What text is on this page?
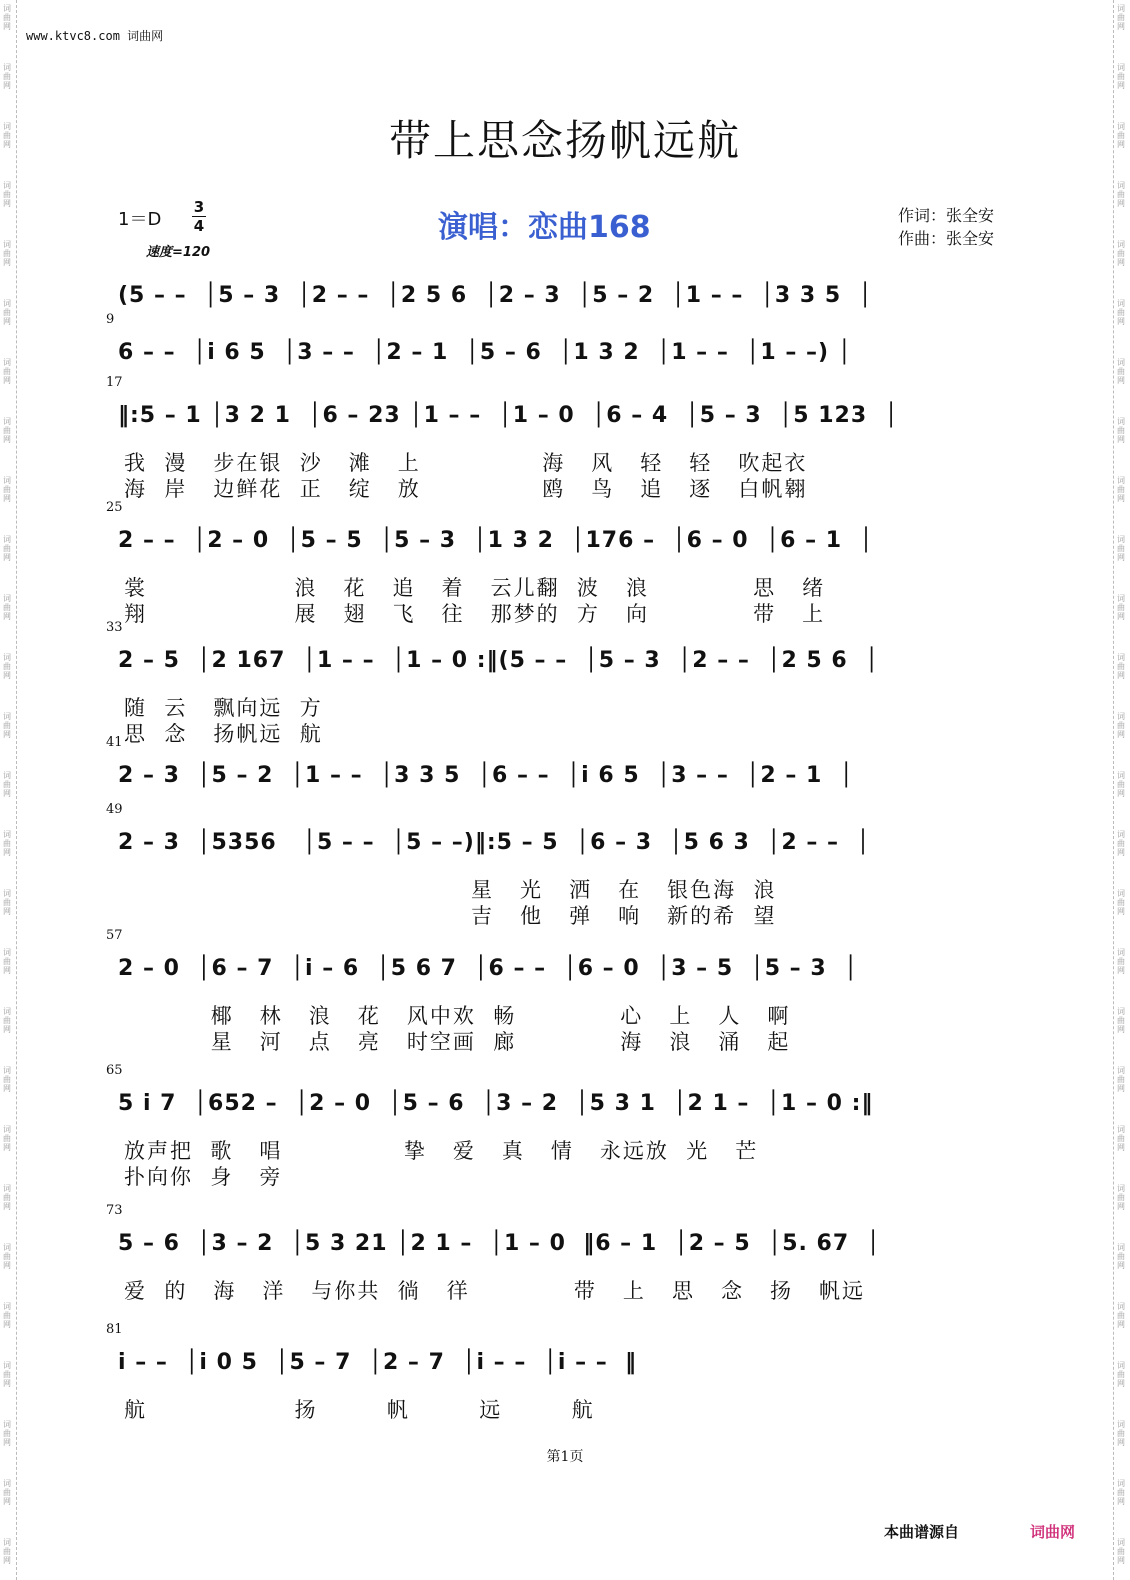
词
曲
网
词
曲
网
词
曲
网
词
曲
网
词
曲
网
词
曲
网
词
曲
网
词
曲
网
词
曲
网
词
曲
网
词
曲
网
词
曲
网
词
曲
网
词
曲
网
词
曲
网
词
曲
网
词
曲
网
词
曲
网
词
曲
网
词
曲
网
词
曲
网
词
曲
网
词
曲
网
词
曲
网
词
曲
网
词
曲
网
词
曲
网
词
曲
网
词
曲
网
词
曲
网
词
曲
网
词
曲
网
词
曲
网
词
曲
网
词
曲
网
词
曲
网
词
曲
网
词
曲
网
词
曲
网
词
曲
网
词
曲
网
词
曲
网
词
曲
网
词
曲
网
词
曲
网
词
曲
网
词
曲
网
词
曲
网
词
曲
网
词
曲
网
词
曲
网
词
曲
网
词
曲
网
词
曲
网
www.ktvc8.com 词曲网
带上思念扬帆远航
1＝D
3
4
速度=120
演唱：恋曲168	作词：张全安
作曲：张全安
(5 – –  │5 – 3  │2 – –  │2 5 6  │2 – 3  │5 – 2  │1 – –  │3 3 5  │
9
6 – –  │i 6 5  │3 – –  │2 – 1  │5 – 6  │1 3 2  │1 – –  │1 – –) │
17
‖:5 – 1 │3 2 1  │6 – 23 │1 – –  │1 – 0  │6 – 4  │5 – 3  │5 123  │
我  漫   步在银  沙   滩   上              海   风   轻   轻   吹起衣
海  岸   边鲜花  正   绽   放              鸥   鸟   追   逐   白帆翱
25
2 – –  │2 – 0  │5 – 5  │5 – 3  │1 3 2  │176 –  │6 – 0  │6 – 1  │
裳                 浪   花   追   着   云儿翻  波   浪            思   绪
翔                 展   翅   飞   往   那梦的  方   向            带   上
33
2 – 5  │2 167  │1 – –  │1 – 0 :‖(5 – –  │5 – 3  │2 – –  │2 5 6  │
随  云   飘向远  方
思  念   扬帆远  航
41
2 – 3  │5 – 2  │1 – –  │3 3 5  │6 – –  │i 6 5  │3 – –  │2 – 1  │
49
2 – 3  │5356   │5 – –  │5 – –)‖:5 – 5  │6 – 3  │5 6 3  │2 – –  │
星   光   洒   在   银色海  浪
吉   他   弹   响   新的希  望
57
2 – 0  │6 – 7  │i – 6  │5 6 7  │6 – –  │6 – 0  │3 – 5  │5 – 3  │
椰   林   浪   花   风中欢  畅            心   上   人   啊
星   河   点   亮   时空画  廊            海   浪   涌   起
65
5 i 7  │652 –  │2 – 0  │5 – 6  │3 – 2  │5 3 1  │2 1 –  │1 – 0 :‖
放声把  歌   唱              挚   爱   真   情   永远放  光   芒
扑向你  身   旁
73
5 – 6  │3 – 2  │5 3 21 │2 1 –  │1 – 0  ‖6 – 1  │2 – 5  │5. 67  │
爱  的   海   洋   与你共  徜   徉            带   上   思   念   扬   帆远
81
i – –  │i 0 5  │5 – 7  │2 – 7  │i – –  │i – –  ‖
航                 扬        帆        远        航
第1页
本曲谱源自	词曲网
